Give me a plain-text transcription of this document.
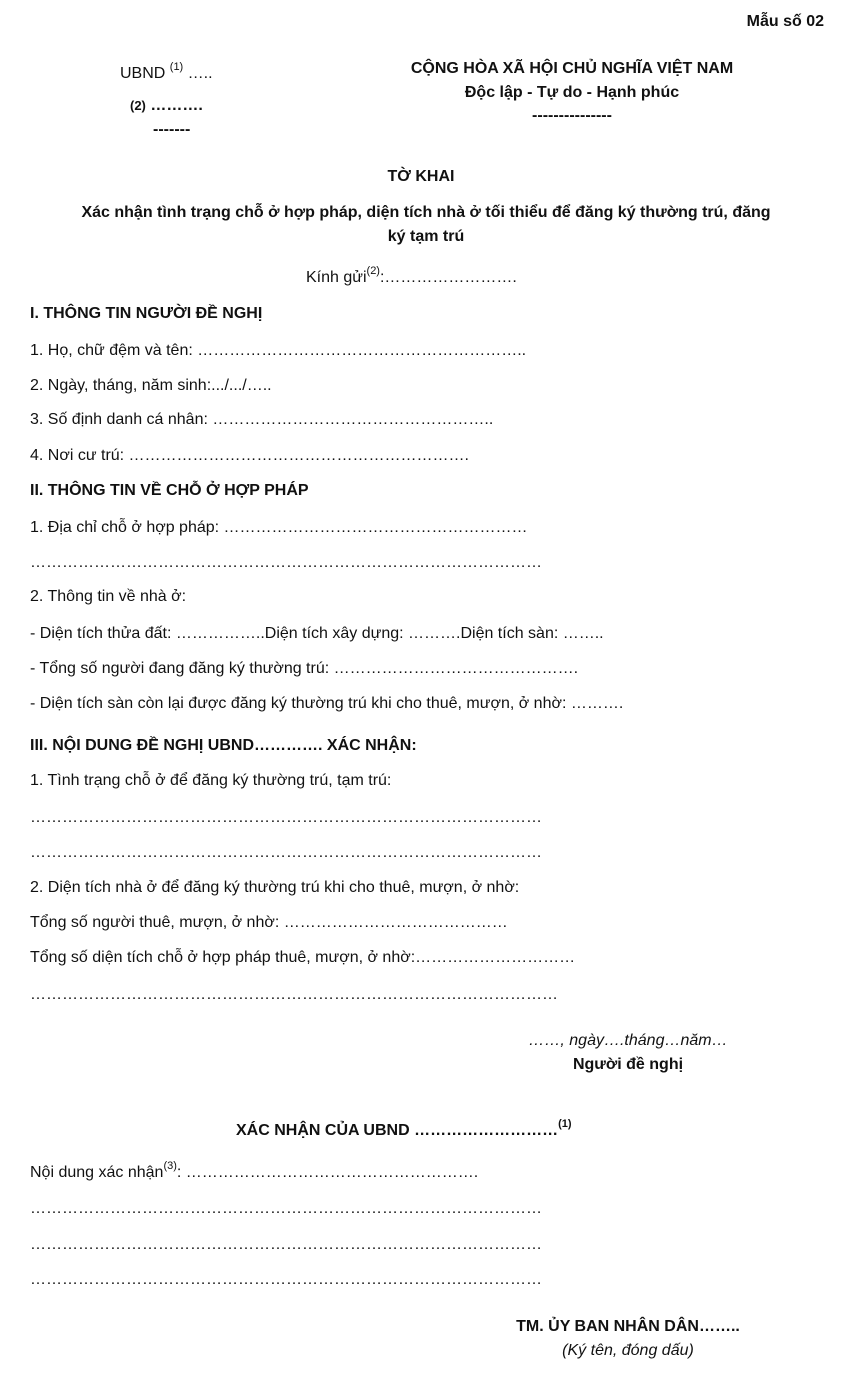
Mẫu số 02
UBND $^{(1)}$ …..
(2) ……….
-------
CỘNG HÒA XÃ HỘI CHỦ NGHĨA VIỆT NAM
Độc lập - Tự do - Hạnh phúc
---------------
TỜ KHAI
Xác nhận tình trạng chỗ ở hợp pháp, diện tích nhà ở tối thiểu để đăng ký thường trú, đăng
ký tạm trú
Kính gửi$^{(2)}$:…………………….
I. THÔNG TIN NGƯỜI ĐỀ NGHỊ
1. Họ, chữ đệm và tên: ……………………………………………………..
2. Ngày, tháng, năm sinh:.../.../…..
3. Số định danh cá nhân: ……………………………………………..
4. Nơi cư trú: ……………………………………………………….
II. THÔNG TIN VỀ CHỖ Ở HỢP PHÁP
1. Địa chỉ chỗ ở hợp pháp: …………………………………………………
……………………………………………………………………………………
2. Thông tin về nhà ở:
- Diện tích thửa đất: ……………..Diện tích xây dựng: ……….Diện tích sàn: ……..
- Tổng số người đang đăng ký thường trú: ……………………………………….
- Diện tích sàn còn lại được đăng ký thường trú khi cho thuê, mượn, ở nhờ: ……….
III. NỘI DUNG ĐỀ NGHỊ UBND…………. XÁC NHẬN:
1. Tình trạng chỗ ở để đăng ký thường trú, tạm trú:
……………………………………………………………………………………
……………………………………………………………………………………
2. Diện tích nhà ở để đăng ký thường trú khi cho thuê, mượn, ở nhờ:
Tổng số người thuê, mượn, ở nhờ: ……………………………………
Tổng số diện tích chỗ ở hợp pháp thuê, mượn, ở nhờ:…………………………
………………………………………………………………………………………
……, ngày….tháng…năm…
Người đề nghị
XÁC NHẬN CỦA UBND ………………………$^{(1)}$
Nội dung xác nhận$^{(3)}$: ……………………………………………….
……………………………………………………………………………………
……………………………………………………………………………………
……………………………………………………………………………………
TM. ỦY BAN NHÂN DÂN……..
(Ký tên, đóng dấu)
